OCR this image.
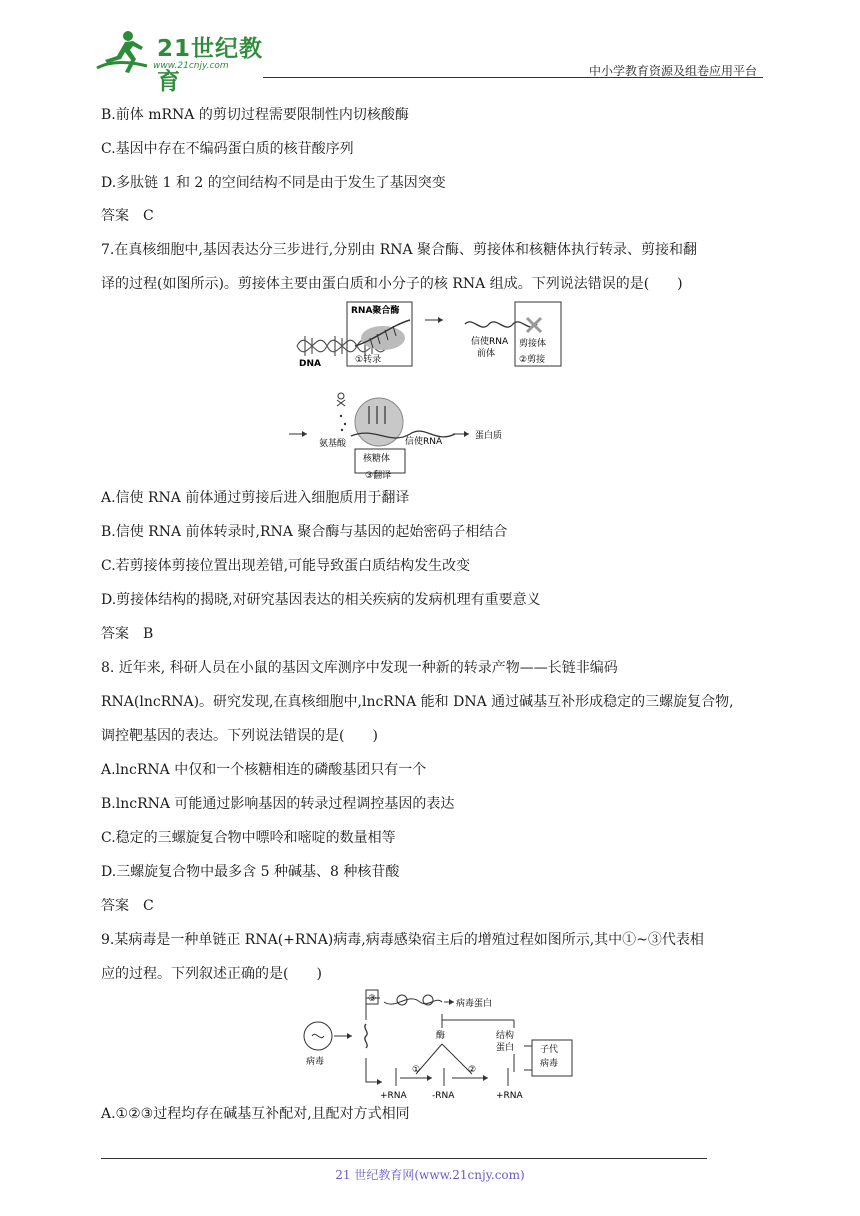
21世纪教育
www.21cnjy.com	中小学教育资源及组卷应用平台
B.前体 mRNA 的剪切过程需要限制性内切核酸酶
C.基因中存在不编码蛋白质的核苷酸序列
D.多肽链 1 和 2 的空间结构不同是由于发生了基因突变
答案　C
7.在真核细胞中,基因表达分三步进行,分别由 RNA 聚合酶、剪接体和核糖体执行转录、剪接和翻
译的过程(如图所示)。剪接体主要由蛋白质和小分子的核 RNA 组成。下列说法错误的是(　　)
DNA
RNA聚合酶
①转录
信使RNA
前体
剪接体
②剪接
氨基酸
核糖体
③翻译
信使RNA
蛋白质
A.信使 RNA 前体通过剪接后进入细胞质用于翻译
B.信使 RNA 前体转录时,RNA 聚合酶与基因的起始密码子相结合
C.若剪接体剪接位置出现差错,可能导致蛋白质结构发生改变
D.剪接体结构的揭晓,对研究基因表达的相关疾病的发病机理有重要意义
答案　B
8. 近年来, 科研人员在小鼠的基因文库测序中发现一种新的转录产物——长链非编码
RNA(lncRNA)。研究发现,在真核细胞中,lncRNA 能和 DNA 通过碱基互补形成稳定的三螺旋复合物,
调控靶基因的表达。下列说法错误的是(　　)
A.lncRNA 中仅和一个核糖相连的磷酸基团只有一个
B.lncRNA 可能通过影响基因的转录过程调控基因的表达
C.稳定的三螺旋复合物中嘌呤和嘧啶的数量相等
D.三螺旋复合物中最多含 5 种碱基、8 种核苷酸
答案　C
9.某病毒是一种单链正 RNA(+RNA)病毒,病毒感染宿主后的增殖过程如图所示,其中①~③代表相
应的过程。下列叙述正确的是(　　)
病毒
③	病毒蛋白
酶	结构
蛋白	子代
病毒
+RNA
①
-RNA
②
+RNA
A.①②③过程均存在碱基互补配对,且配对方式相同
21 世纪教育网(www.21cnjy.com)
